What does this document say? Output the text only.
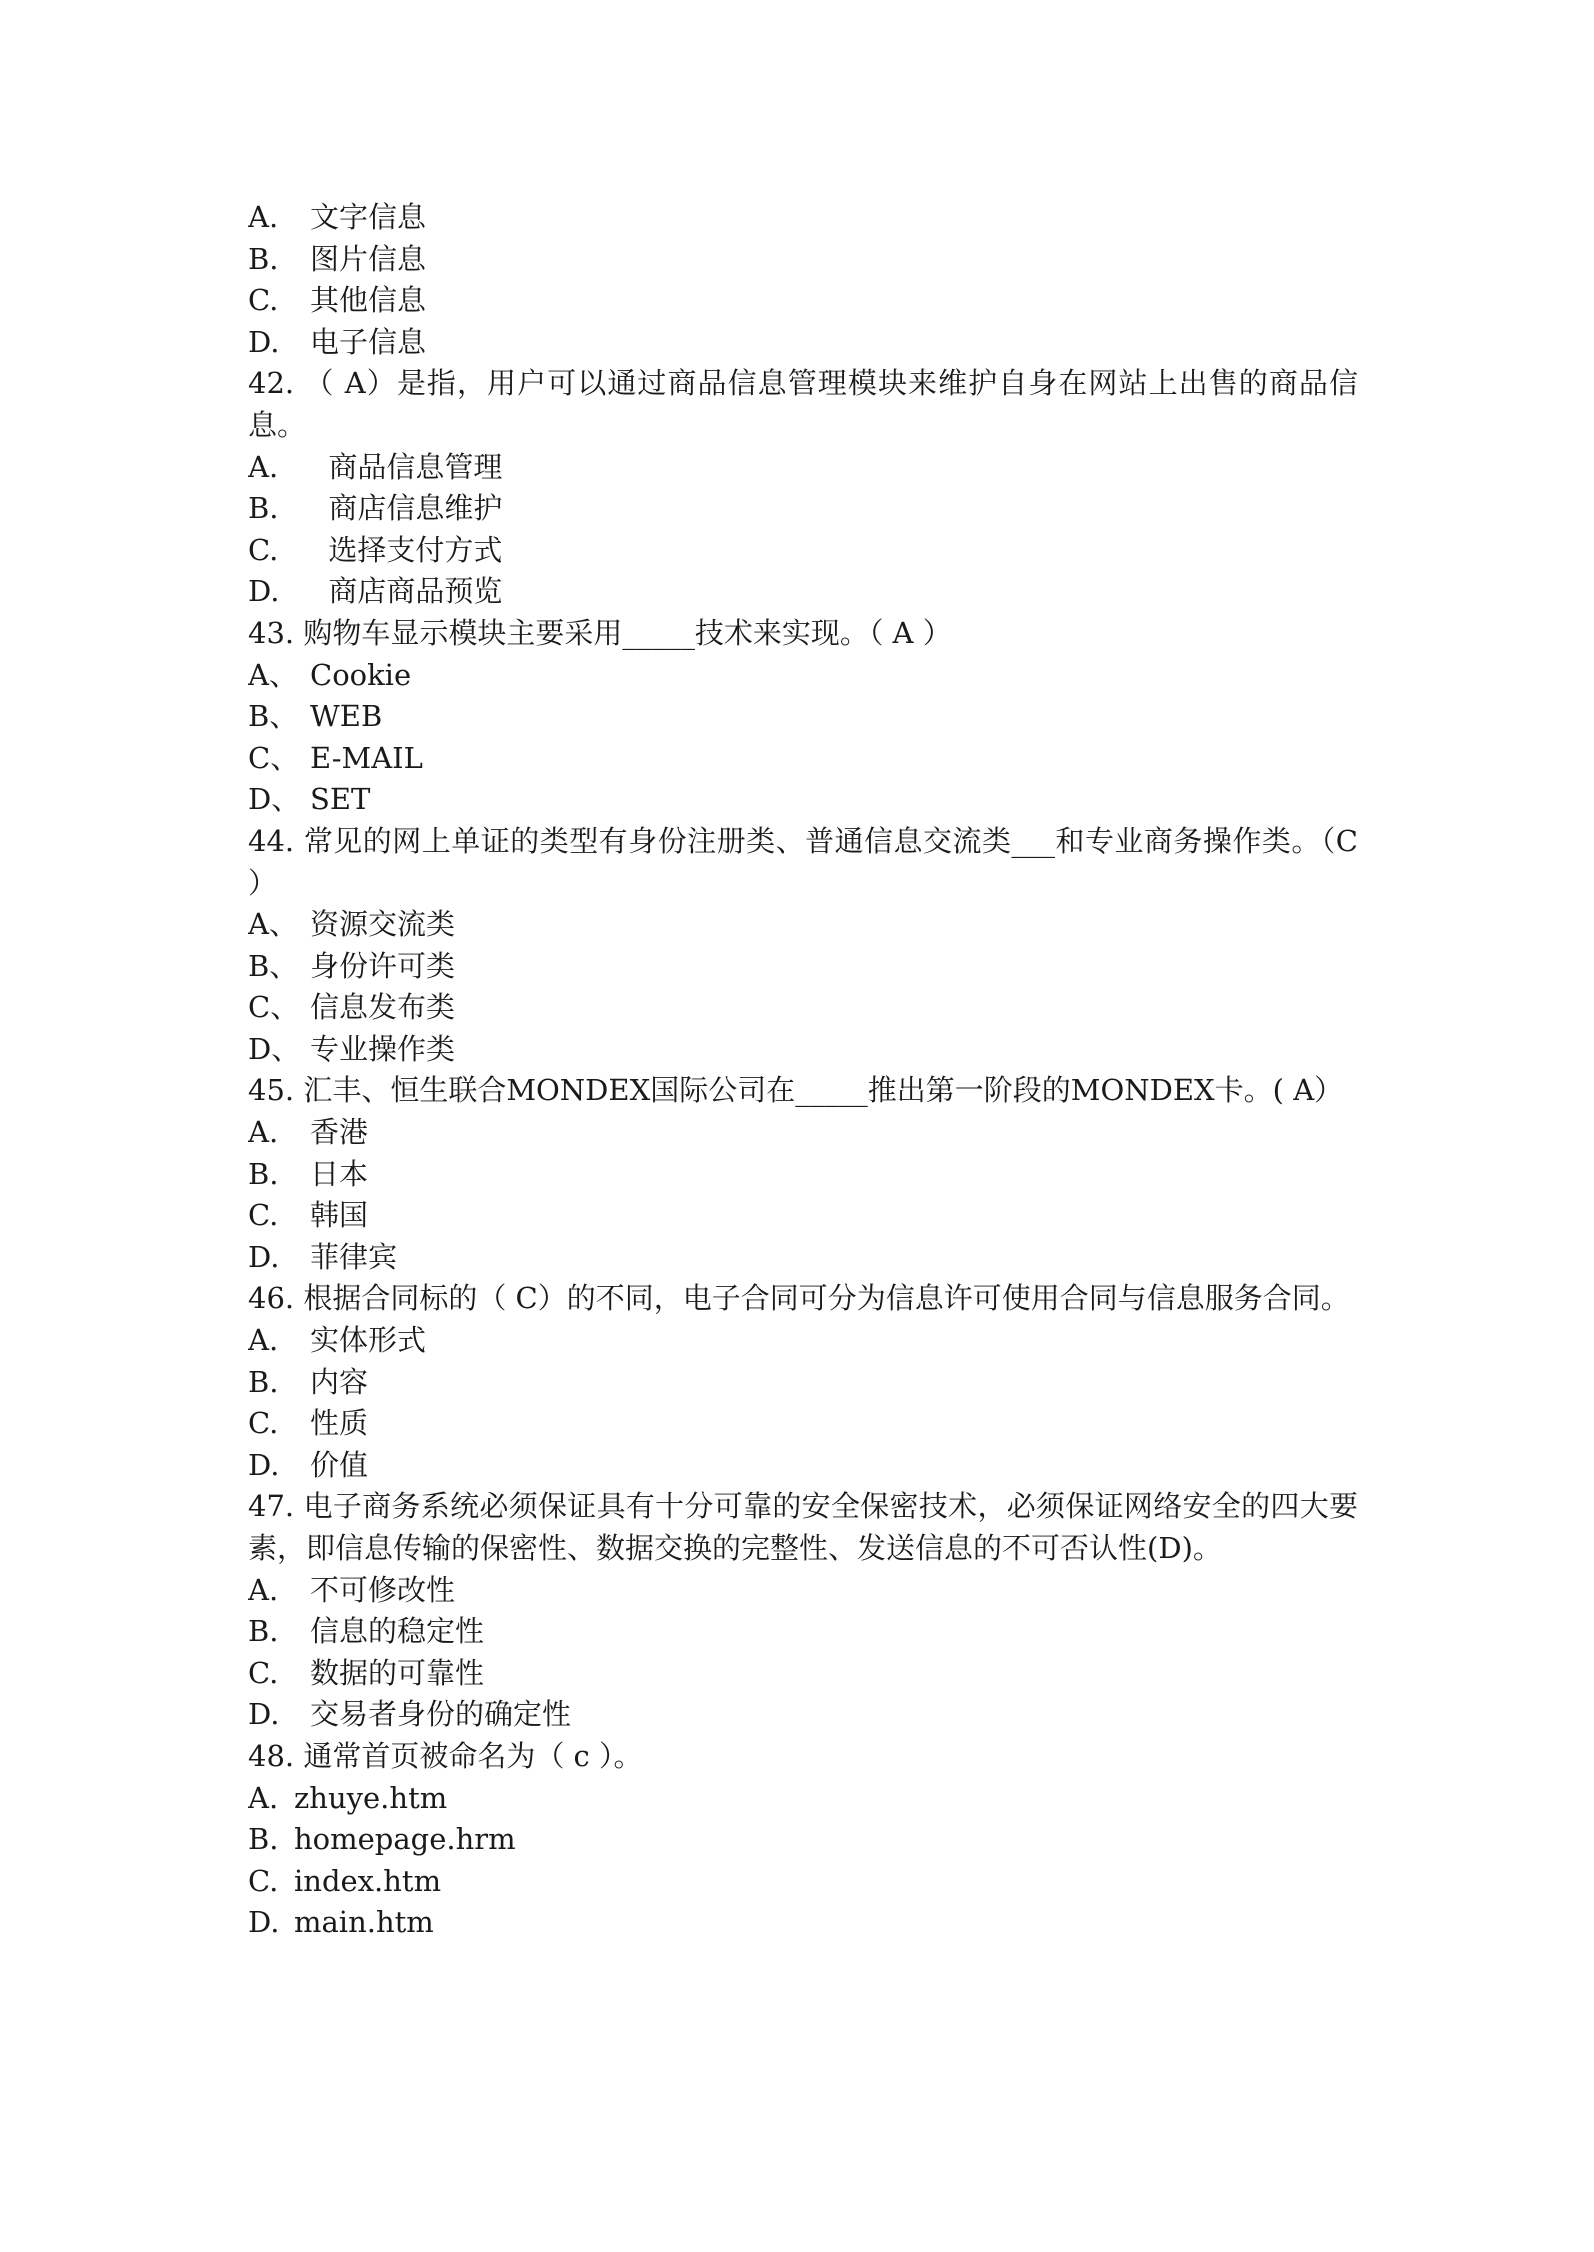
A.	文字信息
B.	图片信息
C.	其他信息
D.	电子信息
42. （ A）是指，用户可以通过商品信息管理模块来维护自身在网站上出售的商品信息。
A.	商品信息管理
B.	商店信息维护
C.	选择支付方式
D.	商店商品预览
43. 购物车显示模块主要采用_____技术来实现。（ A ）
A、 Cookie
B、 WEB
C、 E-MAIL
D、 SET
44. 常见的网上单证的类型有身份注册类、普通信息交流类___和专业商务操作类。（C ）
A、 资源交流类
B、 身份许可类
C、 信息发布类
D、 专业操作类
45. 汇丰、恒生联合MONDEX国际公司在_____推出第一阶段的MONDEX卡。( A）
A.	香港
B.	日本
C.	韩国
D.	菲律宾
46. 根据合同标的（ C）的不同，电子合同可分为信息许可使用合同与信息服务合同。
A.	实体形式
B.	内容
C.	性质
D.	价值
47. 电子商务系统必须保证具有十分可靠的安全保密技术，必须保证网络安全的四大要素，即信息传输的保密性、数据交换的完整性、发送信息的不可否认性(D)。
A.	不可修改性
B.	信息的稳定性
C.	数据的可靠性
D.	交易者身份的确定性
48. 通常首页被命名为（ c ）。
A. zhuye.htm
B. homepage.hrm
C. index.htm
D. main.htm
